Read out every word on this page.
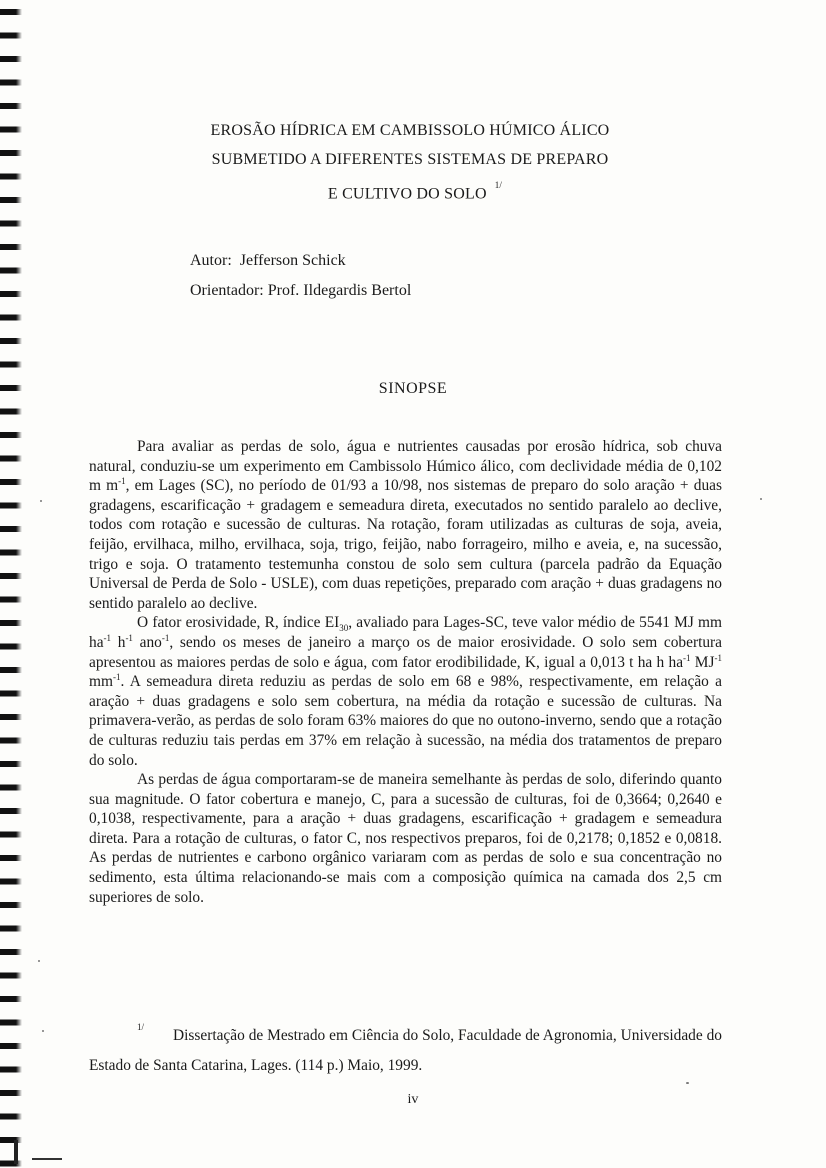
EROSÃO HÍDRICA EM CAMBISSOLO HÚMICO ÁLICO
SUBMETIDO A DIFERENTES SISTEMAS DE PREPARO
E CULTIVO DO $SOLO^{1/}$
Autor: Jefferson Schick
Orientador: Prof. Ildegardis Bertol
SINOPSE

Para avaliar as perdas de solo, água e nutrientes causadas por erosão hídrica, sob chuva natural, conduziu-se um experimento em Cambissolo Húmico álico, com declividade média de 0,102 m $m^{-1}$, em Lages (SC), no período de 01/93 a 10/98, nos sistemas de preparo do solo aração + duas gradagens, escarificação + gradagem e semeadura direta, executados no sentido paralelo ao declive, todos com rotação e sucessão de culturas. Na rotação, foram utilizadas as culturas de soja, aveia, feijão, ervilhaca, milho, ervilhaca, soja, trigo, feijão, nabo forrageiro, milho e aveia, e, na sucessão, trigo e soja. O tratamento testemunha constou de solo sem cultura (parcela padrão da Equação Universal de Perda de Solo - USLE), com duas repetições, preparado com aração + duas gradagens no sentido paralelo ao declive.

O fator erosividade, R, índice $EI_{30}$, avaliado para Lages-SC, teve valor médio de 5541 MJ mm $ha^{-1}$ $h^{-1}$ ano$^{-1}$, sendo os meses de janeiro a março os de maior erosividade. O solo sem cobertura apresentou as maiores perdas de solo e água, com fator erodibilidade, K, igual a 0,013 t ha h $ha^{-1}$ $MJ^{-1}$ $mm^{-1}$. A semeadura direta reduziu as perdas de solo em 68 e 98%, respectivamente, em relação a aração + duas gradagens e solo sem cobertura, na média da rotação e sucessão de culturas. Na primavera-verão, as perdas de solo foram 63% maiores do que no outono-inverno, sendo que a rotação de culturas reduziu tais perdas em 37% em relação à sucessão, na média dos tratamentos de preparo do solo.

As perdas de água comportaram-se de maneira semelhante às perdas de solo, diferindo quanto sua magnitude. O fator cobertura e manejo, C, para a sucessão de culturas, foi de 0,3664; 0,2640 e 0,1038, respectivamente, para a aração + duas gradagens, escarificação + gradagem e semeadura direta. Para a rotação de culturas, o fator C, nos respectivos preparos, foi de 0,2178; 0,1852 e 0,0818. As perdas de nutrientes e carbono orgânico variaram com as perdas de solo e sua concentração no sedimento, esta última relacionando-se mais com a composição química na camada dos 2,5 cm superiores de solo.

1/ Dissertação de Mestrado em Ciência do Solo, Faculdade de Agronomia, Universidade do Estado de Santa Catarina, Lages. (114 p.) Maio, 1999.
iv
